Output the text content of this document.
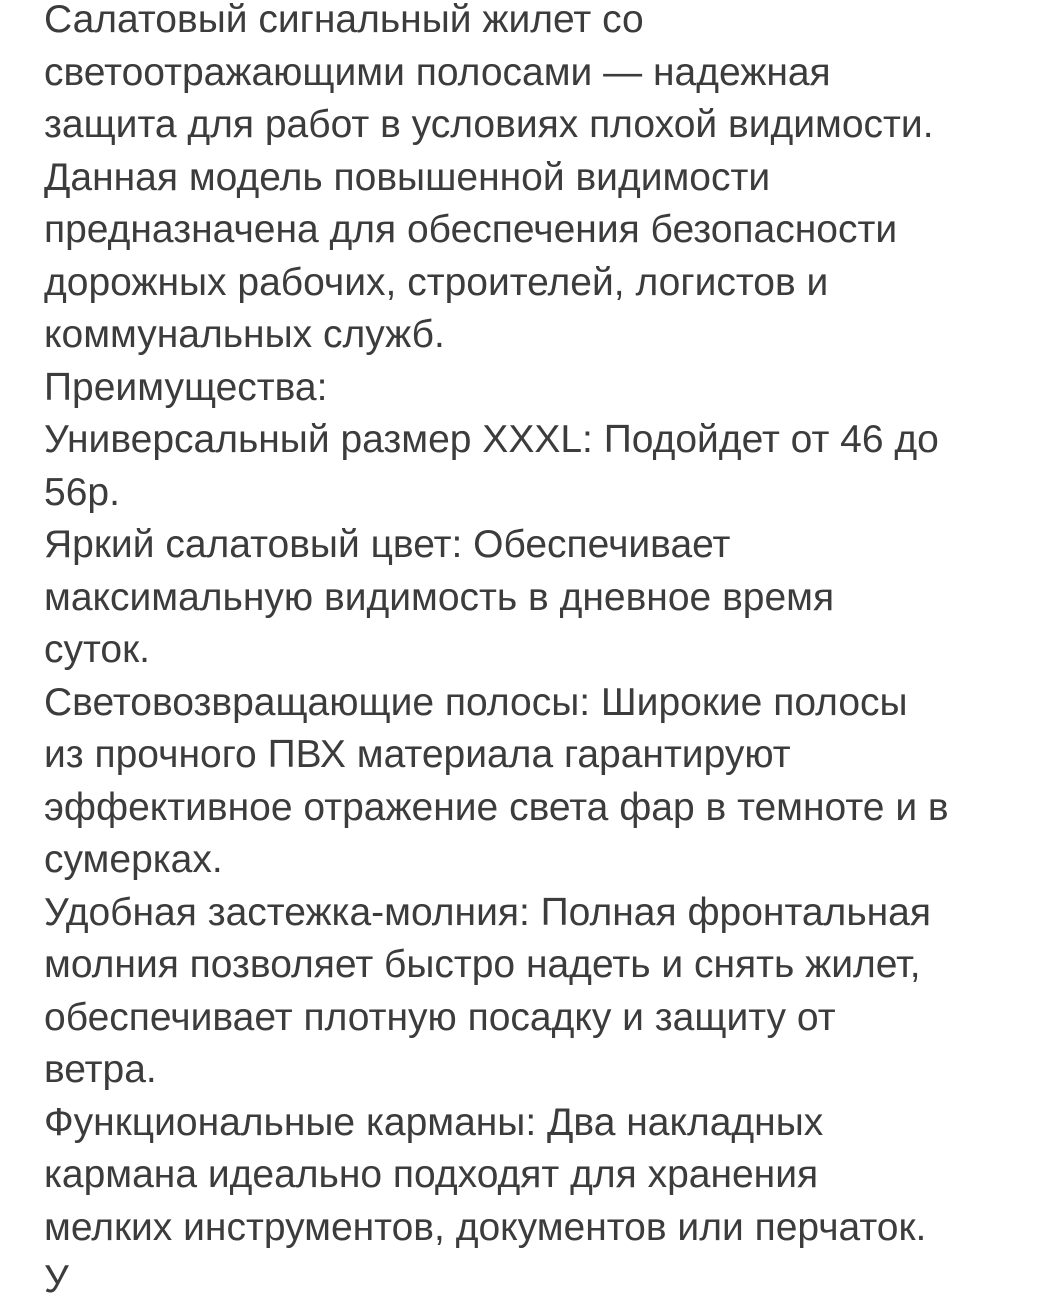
Салатовый сигнальный жилет со
светоотражающими полосами — надежная
защита для работ в условиях плохой видимости.
Данная модель повышенной видимости
предназначена для обеспечения безопасности
дорожных рабочих, строителей, логистов и
коммунальных служб.
Преимущества:
Универсальный размер XXXL: Подойдет от 46 до
56р.
Яркий салатовый цвет: Обеспечивает
максимальную видимость в дневное время
суток.
Световозвращающие полосы: Широкие полосы
из прочного ПВХ материала гарантируют
эффективное отражение света фар в темноте и в
сумерках.
Удобная застежка-молния: Полная фронтальная
молния позволяет быстро надеть и снять жилет,
обеспечивает плотную посадку и защиту от
ветра.
Функциональные карманы: Два накладных
кармана идеально подходят для хранения
мелких инструментов, документов или перчаток.
У
